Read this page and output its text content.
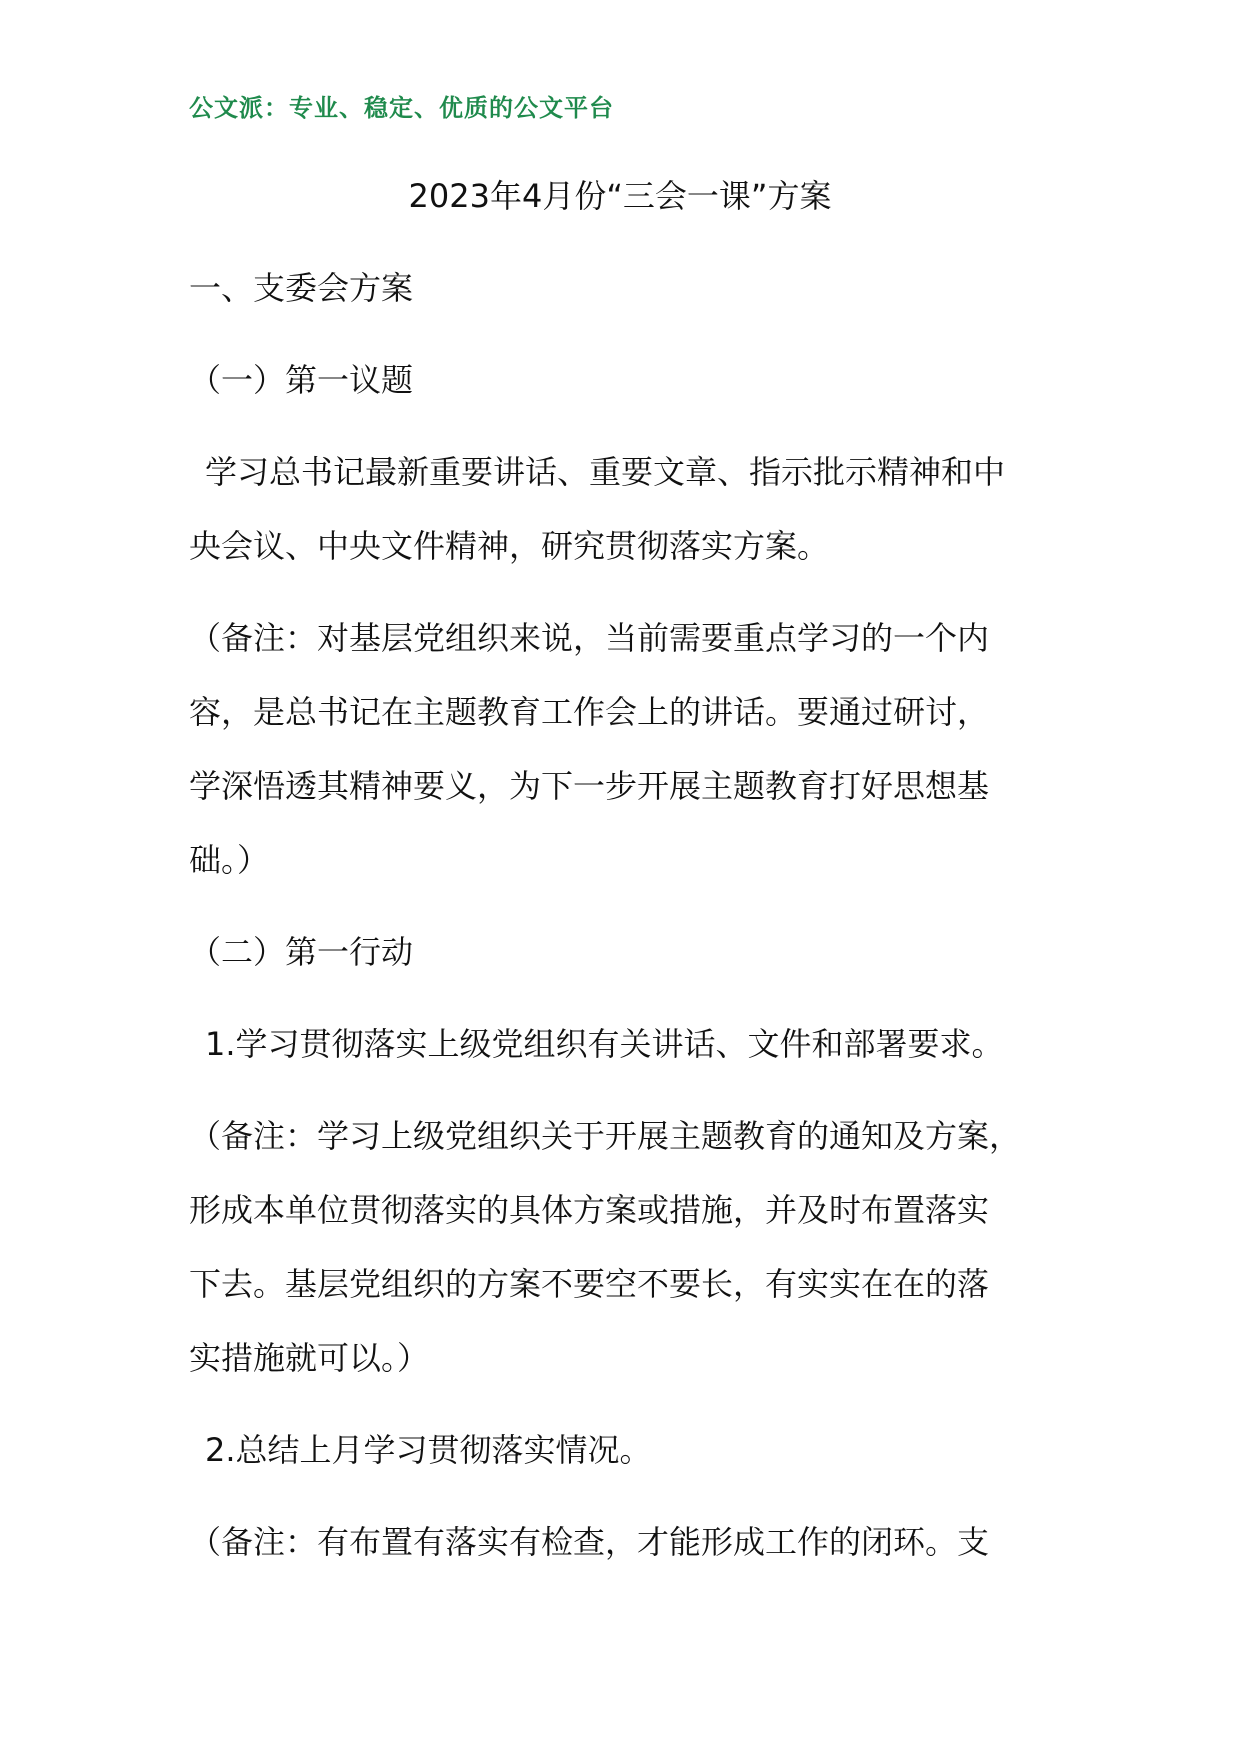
公文派：专业、稳定、优质的公文平台
2023年4月份“三会一课”方案
一、支委会方案
（一）第一议题
学习总书记最新重要讲话、重要文章、指示批示精神和中
央会议、中央文件精神，研究贯彻落实方案。
（备注：对基层党组织来说，当前需要重点学习的一个内
容，是总书记在主题教育工作会上的讲话。要通过研讨，
学深悟透其精神要义，为下一步开展主题教育打好思想基
础。）
（二）第一行动
1.学习贯彻落实上级党组织有关讲话、文件和部署要求。
（备注：学习上级党组织关于开展主题教育的通知及方案，
形成本单位贯彻落实的具体方案或措施，并及时布置落实
下去。基层党组织的方案不要空不要长，有实实在在的落
实措施就可以。）
2.总结上月学习贯彻落实情况。
（备注：有布置有落实有检查，才能形成工作的闭环。支
